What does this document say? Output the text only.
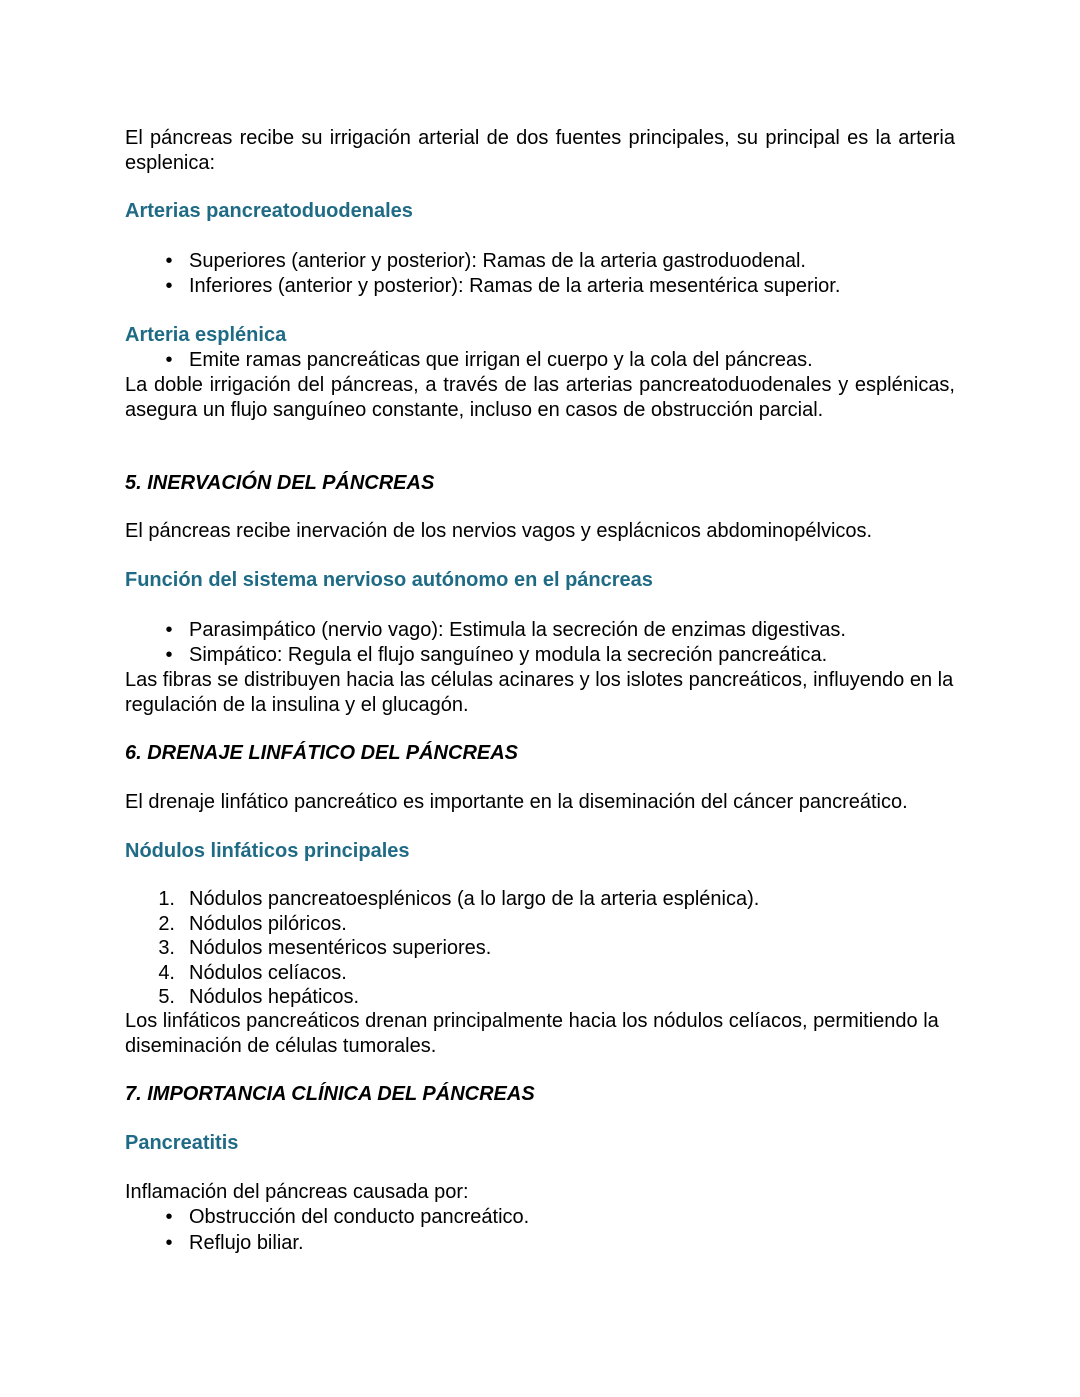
El páncreas recibe su irrigación arterial de dos fuentes principales, su principal es la arteria esplenica:
Arterias pancreatoduodenales
• Superiores (anterior y posterior): Ramas de la arteria gastroduodenal.
• Inferiores (anterior y posterior): Ramas de la arteria mesentérica superior.
Arteria esplénica
• Emite ramas pancreáticas que irrigan el cuerpo y la cola del páncreas.
La doble irrigación del páncreas, a través de las arterias pancreatoduodenales y esplénicas, asegura un flujo sanguíneo constante, incluso en casos de obstrucción parcial.
5. INERVACIÓN DEL PÁNCREAS
El páncreas recibe inervación de los nervios vagos y esplácnicos abdominopélvicos.
Función del sistema nervioso autónomo en el páncreas
• Parasimpático (nervio vago): Estimula la secreción de enzimas digestivas.
• Simpático: Regula el flujo sanguíneo y modula la secreción pancreática.
Las fibras se distribuyen hacia las células acinares y los islotes pancreáticos, influyendo en la regulación de la insulina y el glucagón.
6. DRENAJE LINFÁTICO DEL PÁNCREAS
El drenaje linfático pancreático es importante en la diseminación del cáncer pancreático.
Nódulos linfáticos principales
1. Nódulos pancreatoesplénicos (a lo largo de la arteria esplénica).
2. Nódulos pilóricos.
3. Nódulos mesentéricos superiores.
4. Nódulos celíacos.
5. Nódulos hepáticos.
Los linfáticos pancreáticos drenan principalmente hacia los nódulos celíacos, permitiendo la diseminación de células tumorales.
7. IMPORTANCIA CLÍNICA DEL PÁNCREAS
Pancreatitis
Inflamación del páncreas causada por:
• Obstrucción del conducto pancreático.
• Reflujo biliar.
